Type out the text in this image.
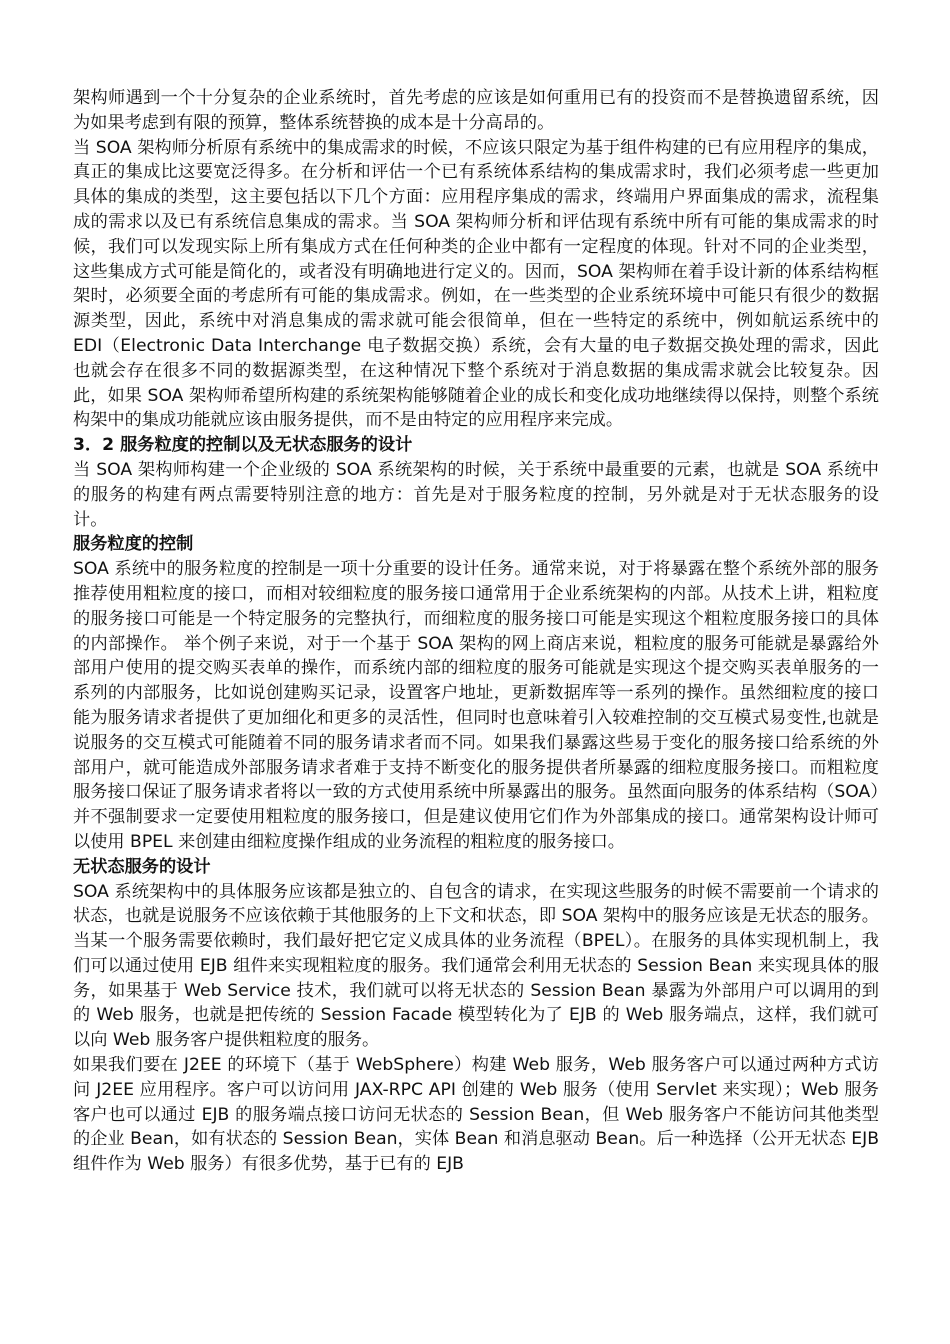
架构师遇到一个十分复杂的企业系统时，首先考虑的应该是如何重用已有的投资而不是替换遗留系统，因为如果考虑到有限的预算，整体系统替换的成本是十分高昂的。

当 SOA 架构师分析原有系统中的集成需求的时候，不应该只限定为基于组件构建的已有应用程序的集成，真正的集成比这要宽泛得多。在分析和评估一个已有系统体系结构的集成需求时，我们必须考虑一些更加具体的集成的类型，这主要包括以下几个方面：应用程序集成的需求，终端用户界面集成的需求，流程集成的需求以及已有系统信息集成的需求。当 SOA 架构师分析和评估现有系统中所有可能的集成需求的时候，我们可以发现实际上所有集成方式在任何种类的企业中都有一定程度的体现。针对不同的企业类型，这些集成方式可能是简化的，或者没有明确地进行定义的。因而，SOA 架构师在着手设计新的体系结构框架时，必须要全面的考虑所有可能的集成需求。例如，在一些类型的企业系统环境中可能只有很少的数据源类型，因此，系统中对消息集成的需求就可能会很简单，但在一些特定的系统中，例如航运系统中的 EDI（Electronic Data Interchange 电子数据交换）系统，会有大量的电子数据交换处理的需求，因此也就会存在很多不同的数据源类型，在这种情况下整个系统对于消息数据的集成需求就会比较复杂。因此，如果 SOA 架构师希望所构建的系统架构能够随着企业的成长和变化成功地继续得以保持，则整个系统构架中的集成功能就应该由服务提供，而不是由特定的应用程序来完成。

3．2 服务粒度的控制以及无状态服务的设计

当 SOA 架构师构建一个企业级的 SOA 系统架构的时候，关于系统中最重要的元素，也就是 SOA 系统中的服务的构建有两点需要特别注意的地方：首先是对于服务粒度的控制，另外就是对于无状态服务的设计。

服务粒度的控制

SOA 系统中的服务粒度的控制是一项十分重要的设计任务。通常来说，对于将暴露在整个系统外部的服务推荐使用粗粒度的接口，而相对较细粒度的服务接口通常用于企业系统架构的内部。从技术上讲，粗粒度的服务接口可能是一个特定服务的完整执行，而细粒度的服务接口可能是实现这个粗粒度服务接口的具体的内部操作。 举个例子来说，对于一个基于 SOA 架构的网上商店来说，粗粒度的服务可能就是暴露给外部用户使用的提交购买表单的操作，而系统内部的细粒度的服务可能就是实现这个提交购买表单服务的一系列的内部服务，比如说创建购买记录，设置客户地址，更新数据库等一系列的操作。虽然细粒度的接口能为服务请求者提供了更加细化和更多的灵活性，但同时也意味着引入较难控制的交互模式易变性,也就是说服务的交互模式可能随着不同的服务请求者而不同。如果我们暴露这些易于变化的服务接口给系统的外部用户，就可能造成外部服务请求者难于支持不断变化的服务提供者所暴露的细粒度服务接口。而粗粒度服务接口保证了服务请求者将以一致的方式使用系统中所暴露出的服务。虽然面向服务的体系结构（SOA）并不强制要求一定要使用粗粒度的服务接口，但是建议使用它们作为外部集成的接口。通常架构设计师可以使用 BPEL 来创建由细粒度操作组成的业务流程的粗粒度的服务接口。

无状态服务的设计

SOA 系统架构中的具体服务应该都是独立的、自包含的请求，在实现这些服务的时候不需要前一个请求的状态，也就是说服务不应该依赖于其他服务的上下文和状态，即 SOA 架构中的服务应该是无状态的服务。当某一个服务需要依赖时，我们最好把它定义成具体的业务流程（BPEL）。在服务的具体实现机制上，我们可以通过使用 EJB 组件来实现粗粒度的服务。我们通常会利用无状态的 Session Bean 来实现具体的服务，如果基于 Web Service 技术，我们就可以将无状态的 Session Bean 暴露为外部用户可以调用的到的 Web 服务，也就是把传统的 Session Facade 模型转化为了 EJB 的 Web 服务端点，这样，我们就可以向 Web 服务客户提供粗粒度的服务。

如果我们要在 J2EE 的环境下（基于 WebSphere）构建 Web 服务，Web 服务客户可以通过两种方式访问 J2EE 应用程序。客户可以访问用 JAX-RPC API 创建的 Web 服务（使用 Servlet 来实现）；Web 服务客户也可以通过 EJB 的服务端点接口访问无状态的 Session Bean，但 Web 服务客户不能访问其他类型的企业 Bean，如有状态的 Session Bean，实体 Bean 和消息驱动 Bean。后一种选择（公开无状态 EJB 组件作为 Web 服务）有很多优势，基于已有的 EJB
